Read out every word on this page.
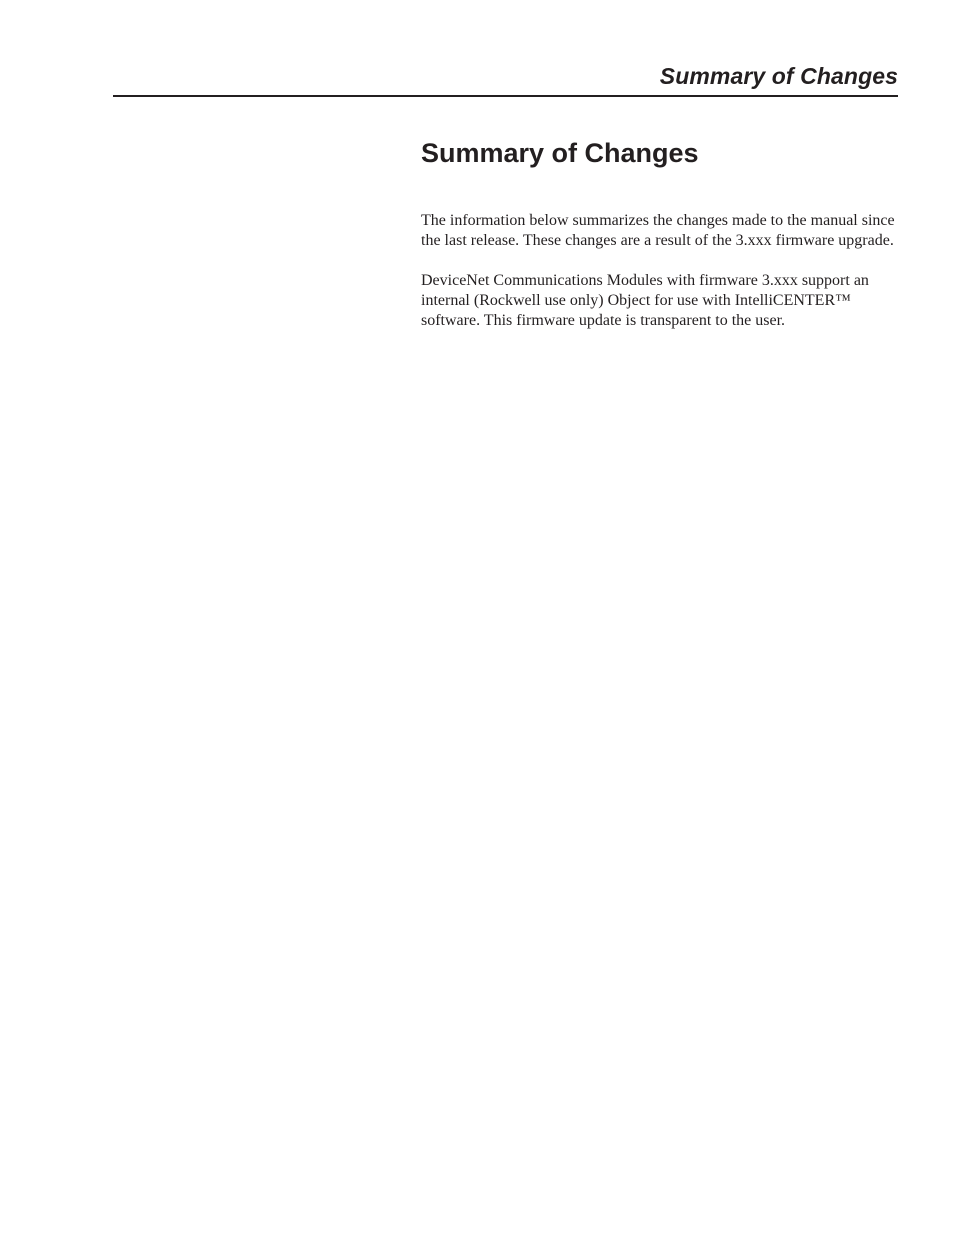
Summary of Changes
Summary of Changes

The information below summarizes the changes made to the manual since the last release. These changes are a result of the 3.xxx firmware upgrade.

DeviceNet Communications Modules with firmware 3.xxx support an internal (Rockwell use only) Object for use with IntelliCENTER™ software. This firmware update is transparent to the user.
